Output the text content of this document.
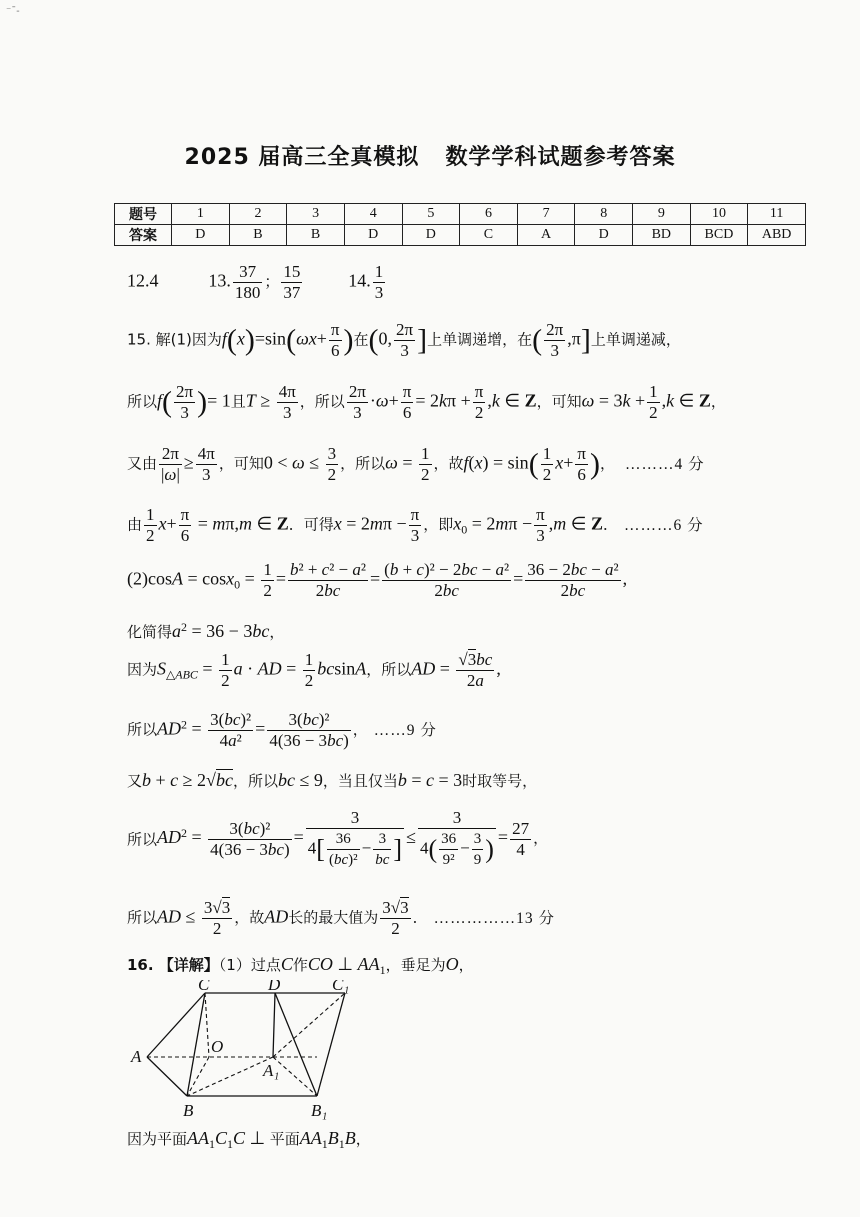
⁻ˉ‐
2025 届高三全真模拟 数学学科试题参考答案
题号	1	2	3	4	5	6	7	8	9	10	11
答案	D	B	B	D	D	C	A	D	BD	BCD	ABD
12.4	13. $\frac{37}{180}$ ； $\frac{15}{37}$	14. $\frac{1}{3}$
15. 解(1)因为$f(x)=\sin(\omega x+ \frac{\pi}{6}$ )在(0, $\frac{2\pi}{3}$ ]上单调递增，在( $\frac{2\pi}{3} ,\pi$]上单调递减，
所以$f( \frac{2\pi}{3}$ )= 1且$T \ge \frac{4\pi}{3}$ ，所以 $\frac{2\pi}{3} \cdot\omega+ \frac{\pi}{6} = 2k\pi + \frac{\pi}{2} ,k$ ∈ Z，可知$\omega = 3k + \frac{1}{2} ,k$ ∈ Z，
又由 $\frac{2\pi}{|\omega|} \ge \frac{4\pi}{3}$ ，可知$0 < \omega \le \frac{3}{2}$ ，所以$\omega = \frac{1}{2}$ ，故$f(x) = \sin( \frac{1}{2} x+ \frac{\pi}{6}$ )， ………4 分
由 $\frac{1}{2} x+ \frac{\pi}{6} = m\pi,m$ ∈ Z．可得$x = 2m\pi - \frac{\pi}{3}$ ，即$x_0 = 2m\pi - \frac{\pi}{3} ,m$ ∈ Z． ………6 分
$(2)\cos A = \cos x_0 = \frac{1}{2} = \frac{\text{b² + c² − a²}}{2bc} = \frac{\text{(b + c)² − 2bc − a²}}{2bc} = \frac{\text{36 − 2bc − a²}}{2bc}$ ,
化简得$a^2 = 36 - 3bc$，
因为$S_{\triangle ABC} = \frac{1}{2}$ a · AD = $\frac{1}{2}$ bcsinA，所以AD = $\frac{√3bc}{2a}$ ,
所以$AD^2 = \frac{\text{3(bc)²}}{\text{4a²}} = \frac{\text{3(bc)²}}{4(36 - 3bc)}$ ， ……9 分
又b + c ≥ 2√bc，所以bc ≤ 9，当且仅当b = c = 3时取等号，
所以$AD^2 = \frac{\text{3(bc)²}}{4(36 - 3bc)} = \frac{3}{4[ \frac{36}{\text{(bc)²}} - \frac{3}{bc} ]} \le \frac{3}{4( \frac{36}{\text{9²}} - \frac{3}{9} )} = \frac{27}{4}$ ，
所以AD ≤ $\frac{3√3}{2}$ ，故AD长的最大值为 $\frac{3√3}{2}$ ． ……………13 分
16. 【详解】（1）过点C作CO ⊥ $AA_1$，垂足为O，
C	D	C₁
A
O
A₁
B	B₁
因为平面$AA_1C_1C$ ⊥ 平面$AA_1B_1B$，
